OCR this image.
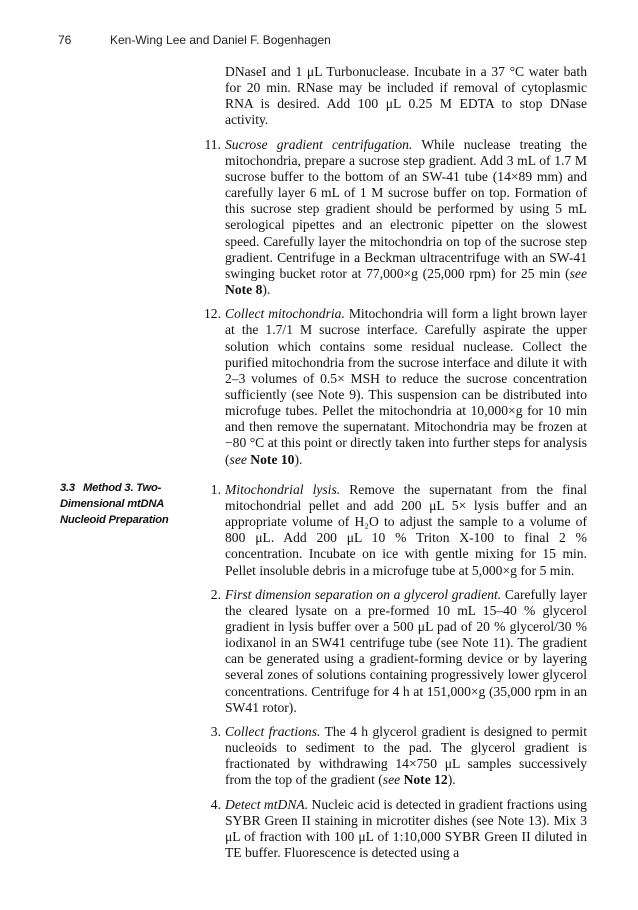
76	Ken-Wing Lee and Daniel F. Bogenhagen
3.3 Method 3. Two-Dimensional mtDNA Nucleoid Preparation
DNaseI and 1 μL Turbonuclease. Incubate in a 37 °C water bath for 20 min. RNase may be included if removal of cytoplasmic RNA is desired. Add 100 μL 0.25 M EDTA to stop DNase activity.
11. Sucrose gradient centrifugation. While nuclease treating the mitochondria, prepare a sucrose step gradient. Add 3 mL of 1.7 M sucrose buffer to the bottom of an SW-41 tube (14×89 mm) and carefully layer 6 mL of 1 M sucrose buffer on top. Formation of this sucrose step gradient should be performed by using 5 mL serological pipettes and an electronic pipetter on the slowest speed. Carefully layer the mitochondria on top of the sucrose step gradient. Centrifuge in a Beckman ultracentrifuge with an SW-41 swinging bucket rotor at 77,000×g (25,000 rpm) for 25 min (see Note 8).
12. Collect mitochondria. Mitochondria will form a light brown layer at the 1.7/1 M sucrose interface. Carefully aspirate the upper solution which contains some residual nuclease. Collect the purified mitochondria from the sucrose interface and dilute it with 2–3 volumes of 0.5× MSH to reduce the sucrose concentration sufficiently (see Note 9). This suspension can be distributed into microfuge tubes. Pellet the mitochondria at 10,000×g for 10 min and then remove the supernatant. Mitochondria may be frozen at −80 °C at this point or directly taken into further steps for analysis (see Note 10).
1. Mitochondrial lysis. Remove the supernatant from the final mitochondrial pellet and add 200 μL 5× lysis buffer and an appropriate volume of H₂O to adjust the sample to a volume of 800 μL. Add 200 μL 10 % Triton X-100 to final 2 % concentration. Incubate on ice with gentle mixing for 15 min. Pellet insoluble debris in a microfuge tube at 5,000×g for 5 min.
2. First dimension separation on a glycerol gradient. Carefully layer the cleared lysate on a pre-formed 10 mL 15–40 % glycerol gradient in lysis buffer over a 500 μL pad of 20 % glycerol/30 % iodixanol in an SW41 centrifuge tube (see Note 11). The gradient can be generated using a gradient-forming device or by layering several zones of solutions containing progressively lower glycerol concentrations. Centrifuge for 4 h at 151,000×g (35,000 rpm in an SW41 rotor).
3. Collect fractions. The 4 h glycerol gradient is designed to permit nucleoids to sediment to the pad. The glycerol gradient is fractionated by withdrawing 14×750 μL samples successively from the top of the gradient (see Note 12).
4. Detect mtDNA. Nucleic acid is detected in gradient fractions using SYBR Green II staining in microtiter dishes (see Note 13). Mix 3 μL of fraction with 100 μL of 1:10,000 SYBR Green II diluted in TE buffer. Fluorescence is detected using a
